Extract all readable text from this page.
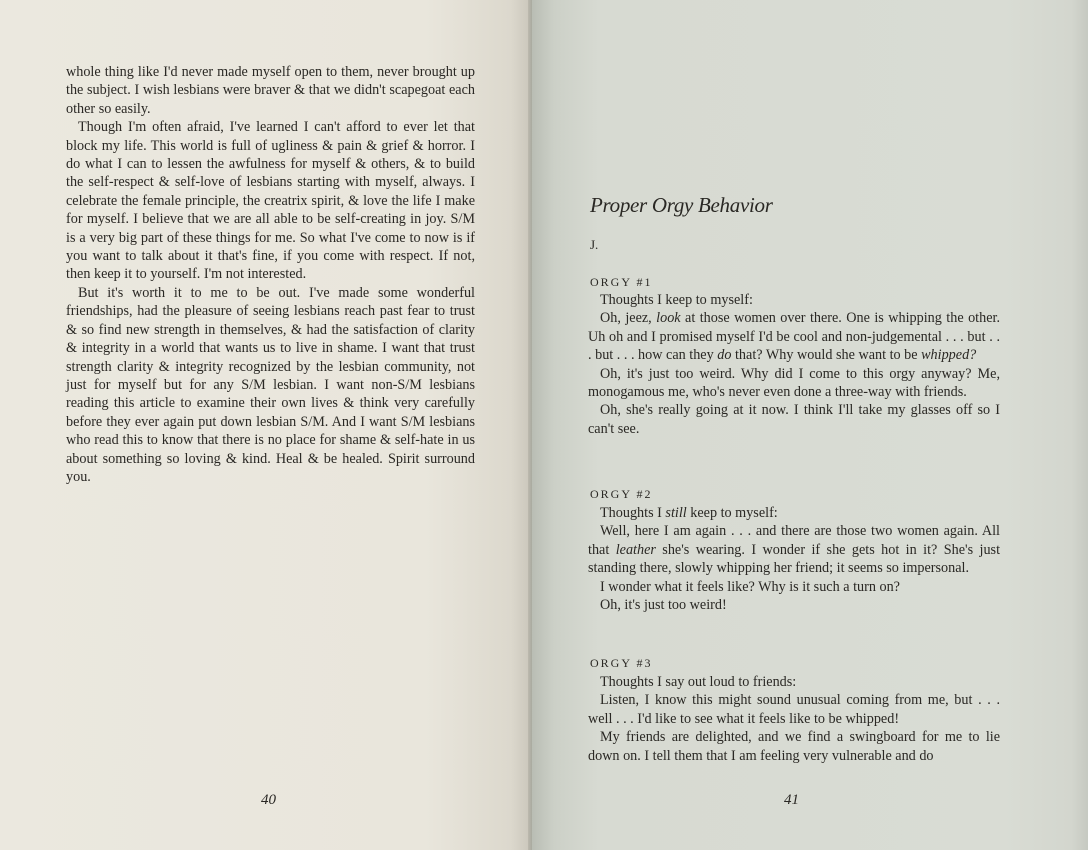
whole thing like I'd never made myself open to them, never brought up the subject. I wish lesbians were braver & that we didn't scapegoat each other so easily.

Though I'm often afraid, I've learned I can't afford to ever let that block my life. This world is full of ugliness & pain & grief & horror. I do what I can to lessen the awfulness for myself & others, & to build the self-respect & self-love of lesbians starting with myself, always. I celebrate the female principle, the creatrix spirit, & love the life I make for myself. I believe that we are all able to be self-creating in joy. S/M is a very big part of these things for me. So what I've come to now is if you want to talk about it that's fine, if you come with respect. If not, then keep it to yourself. I'm not interested.

But it's worth it to me to be out. I've made some wonderful friendships, had the pleasure of seeing lesbians reach past fear to trust & so find new strength in themselves, & had the satisfaction of clarity & integrity in a world that wants us to live in shame. I want that trust strength clarity & integrity recognized by the lesbian community, not just for myself but for any S/M lesbian. I want non-S/M lesbians reading this article to examine their own lives & think very carefully before they ever again put down lesbian S/M. And I want S/M lesbians who read this to know that there is no place for shame & self-hate in us about something so loving & kind. Heal & be healed. Spirit surround you.

40
Proper Orgy Behavior

J.

ORGY #1

Thoughts I keep to myself:

Oh, jeez, look at those women over there. One is whipping the other. Uh oh and I promised myself I'd be cool and non-judgemental . . . but . . . but . . . how can they do that? Why would she want to be whipped?

Oh, it's just too weird. Why did I come to this orgy anyway? Me, monogamous me, who's never even done a three-way with friends.

Oh, she's really going at it now. I think I'll take my glasses off so I can't see.

ORGY #2

Thoughts I still keep to myself:

Well, here I am again . . . and there are those two women again. All that leather she's wearing. I wonder if she gets hot in it? She's just standing there, slowly whipping her friend; it seems so impersonal.

I wonder what it feels like? Why is it such a turn on?

Oh, it's just too weird!

ORGY #3

Thoughts I say out loud to friends:

Listen, I know this might sound unusual coming from me, but . . . well . . . I'd like to see what it feels like to be whipped!

My friends are delighted, and we find a swingboard for me to lie down on. I tell them that I am feeling very vulnerable and do

41
